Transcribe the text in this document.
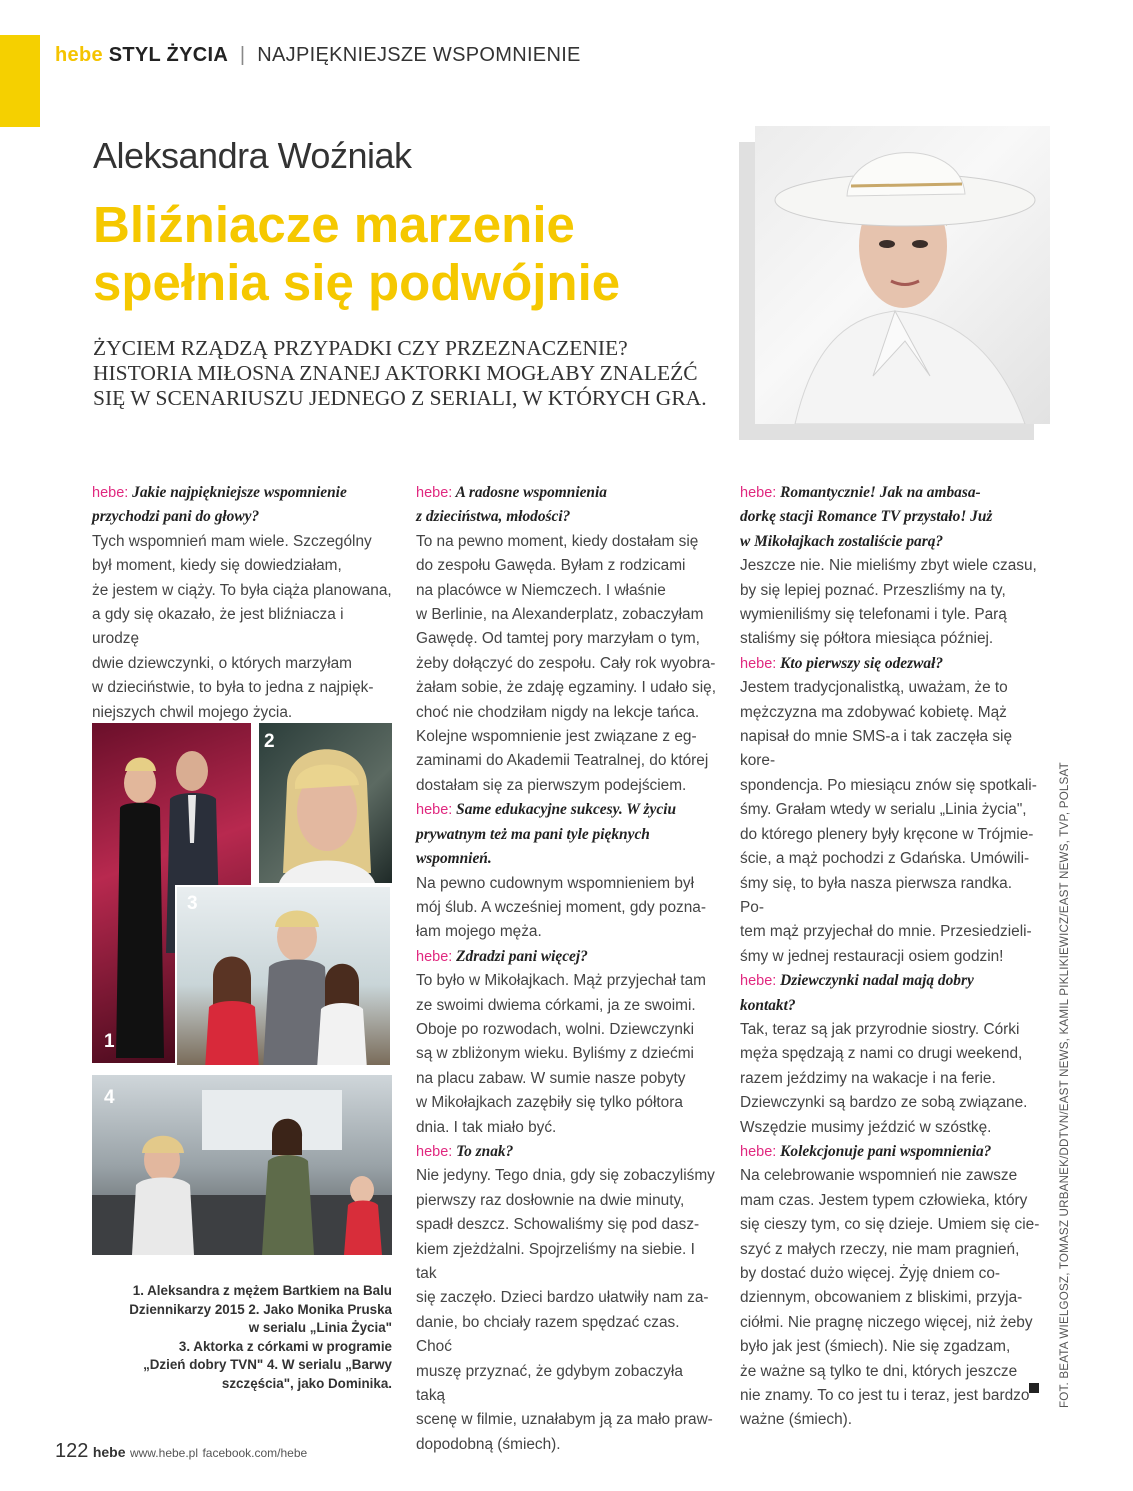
hebe STYL ŻYCIA | NAJPIĘKNIEJSZE WSPOMNIENIE
Aleksandra Woźniak
Bliźniacze marzenie
spełnia się podwójnie
ŻYCIEM RZĄDZĄ PRZYPADKI CZY PRZEZNACZENIE?
HISTORIA MIŁOSNA ZNANEJ AKTORKI MOGŁABY ZNALEŹĆ
SIĘ W SCENARIUSZU JEDNEGO Z SERIALI, W KTÓRYCH GRA.

hebe: Jakie najpiękniejsze wspomnienie

przychodzi pani do głowy?

Tych wspomnień mam wiele. Szczególny

był moment, kiedy się dowiedziałam,

że jestem w ciąży. To była ciąża planowana,

a gdy się okazało, że jest bliźniacza i urodzę

dwie dziewczynki, o których marzyłam

w dzieciństwie, to była to jedna z najpięk-

niejszych chwil mojego życia.

1
2
3
4
1. Aleksandra z mężem Bartkiem na Balu
Dziennikarzy 2015 2. Jako Monika Pruska
w serialu „Linia Życia"
3. Aktorka z córkami w programie
„Dzień dobry TVN" 4. W serialu „Barwy
szczęścia", jako Dominika.

hebe: A radosne wspomnienia

z dzieciństwa, młodości?

To na pewno moment, kiedy dostałam się

do zespołu Gawęda. Byłam z rodzicami

na placówce w Niemczech. I właśnie

w Berlinie, na Alexanderplatz, zobaczyłam

Gawędę. Od tamtej pory marzyłam o tym,

żeby dołączyć do zespołu. Cały rok wyobra-

żałam sobie, że zdaję egzaminy. I udało się,

choć nie chodziłam nigdy na lekcje tańca.

Kolejne wspomnienie jest związane z eg-

zaminami do Akademii Teatralnej, do której

dostałam się za pierwszym podejściem.

hebe: Same edukacyjne sukcesy. W życiu

prywatnym też ma pani tyle pięknych

wspomnień.

Na pewno cudownym wspomnieniem był

mój ślub. A wcześniej moment, gdy pozna-

łam mojego męża.

hebe: Zdradzi pani więcej?

To było w Mikołajkach. Mąż przyjechał tam

ze swoimi dwiema córkami, ja ze swoimi.

Oboje po rozwodach, wolni. Dziewczynki

są w zbliżonym wieku. Byliśmy z dziećmi

na placu zabaw. W sumie nasze pobyty

w Mikołajkach zazębiły się tylko półtora

dnia. I tak miało być.

hebe: To znak?

Nie jedyny. Tego dnia, gdy się zobaczyliśmy

pierwszy raz dosłownie na dwie minuty,

spadł deszcz. Schowaliśmy się pod dasz-

kiem zjeżdżalni. Spojrzeliśmy na siebie. I tak

się zaczęło. Dzieci bardzo ułatwiły nam za-

danie, bo chciały razem spędzać czas. Choć

muszę przyznać, że gdybym zobaczyła taką

scenę w filmie, uznałabym ją za mało praw-

dopodobną (śmiech).

hebe: Romantycznie! Jak na ambasa-

dorkę stacji Romance TV przystało! Już

w Mikołajkach zostaliście parą?

Jeszcze nie. Nie mieliśmy zbyt wiele czasu,

by się lepiej poznać. Przeszliśmy na ty,

wymieniliśmy się telefonami i tyle. Parą

staliśmy się półtora miesiąca później.

hebe: Kto pierwszy się odezwał?

Jestem tradycjonalistką, uważam, że to

mężczyzna ma zdobywać kobietę. Mąż

napisał do mnie SMS-a i tak zaczęła się kore-

spondencja. Po miesiącu znów się spotkali-

śmy. Grałam wtedy w serialu „Linia życia",

do którego plenery były kręcone w Trójmie-

ście, a mąż pochodzi z Gdańska. Umówili-

śmy się, to była nasza pierwsza randka. Po-

tem mąż przyjechał do mnie. Przesiedzieli-

śmy w jednej restauracji osiem godzin!

hebe: Dziewczynki nadal mają dobry

kontakt?

Tak, teraz są jak przyrodnie siostry. Córki

męża spędzają z nami co drugi weekend,

razem jeździmy na wakacje i na ferie.

Dziewczynki są bardzo ze sobą związane.

Wszędzie musimy jeździć w szóstkę.

hebe: Kolekcjonuje pani wspomnienia?

Na celebrowanie wspomnień nie zawsze

mam czas. Jestem typem człowieka, który

się cieszy tym, co się dzieje. Umiem się cie-

szyć z małych rzeczy, nie mam pragnień,

by dostać dużo więcej. Żyję dniem co-

dziennym, obcowaniem z bliskimi, przyja-

ciółmi. Nie pragnę niczego więcej, niż żeby

było jak jest (śmiech). Nie się zgadzam,

że ważne są tylko te dni, których jeszcze

nie znamy. To co jest tu i teraz, jest bardzo

ważne (śmiech).

FOT. BEATA WIELGOSZ, TOMASZ URBANEK/DDTVN/EAST NEWS, KAMIL PIKLIKIEWICZ/EAST NEWS, TVP, POLSAT
122 hebe www.hebe.pl facebook.com/hebe
